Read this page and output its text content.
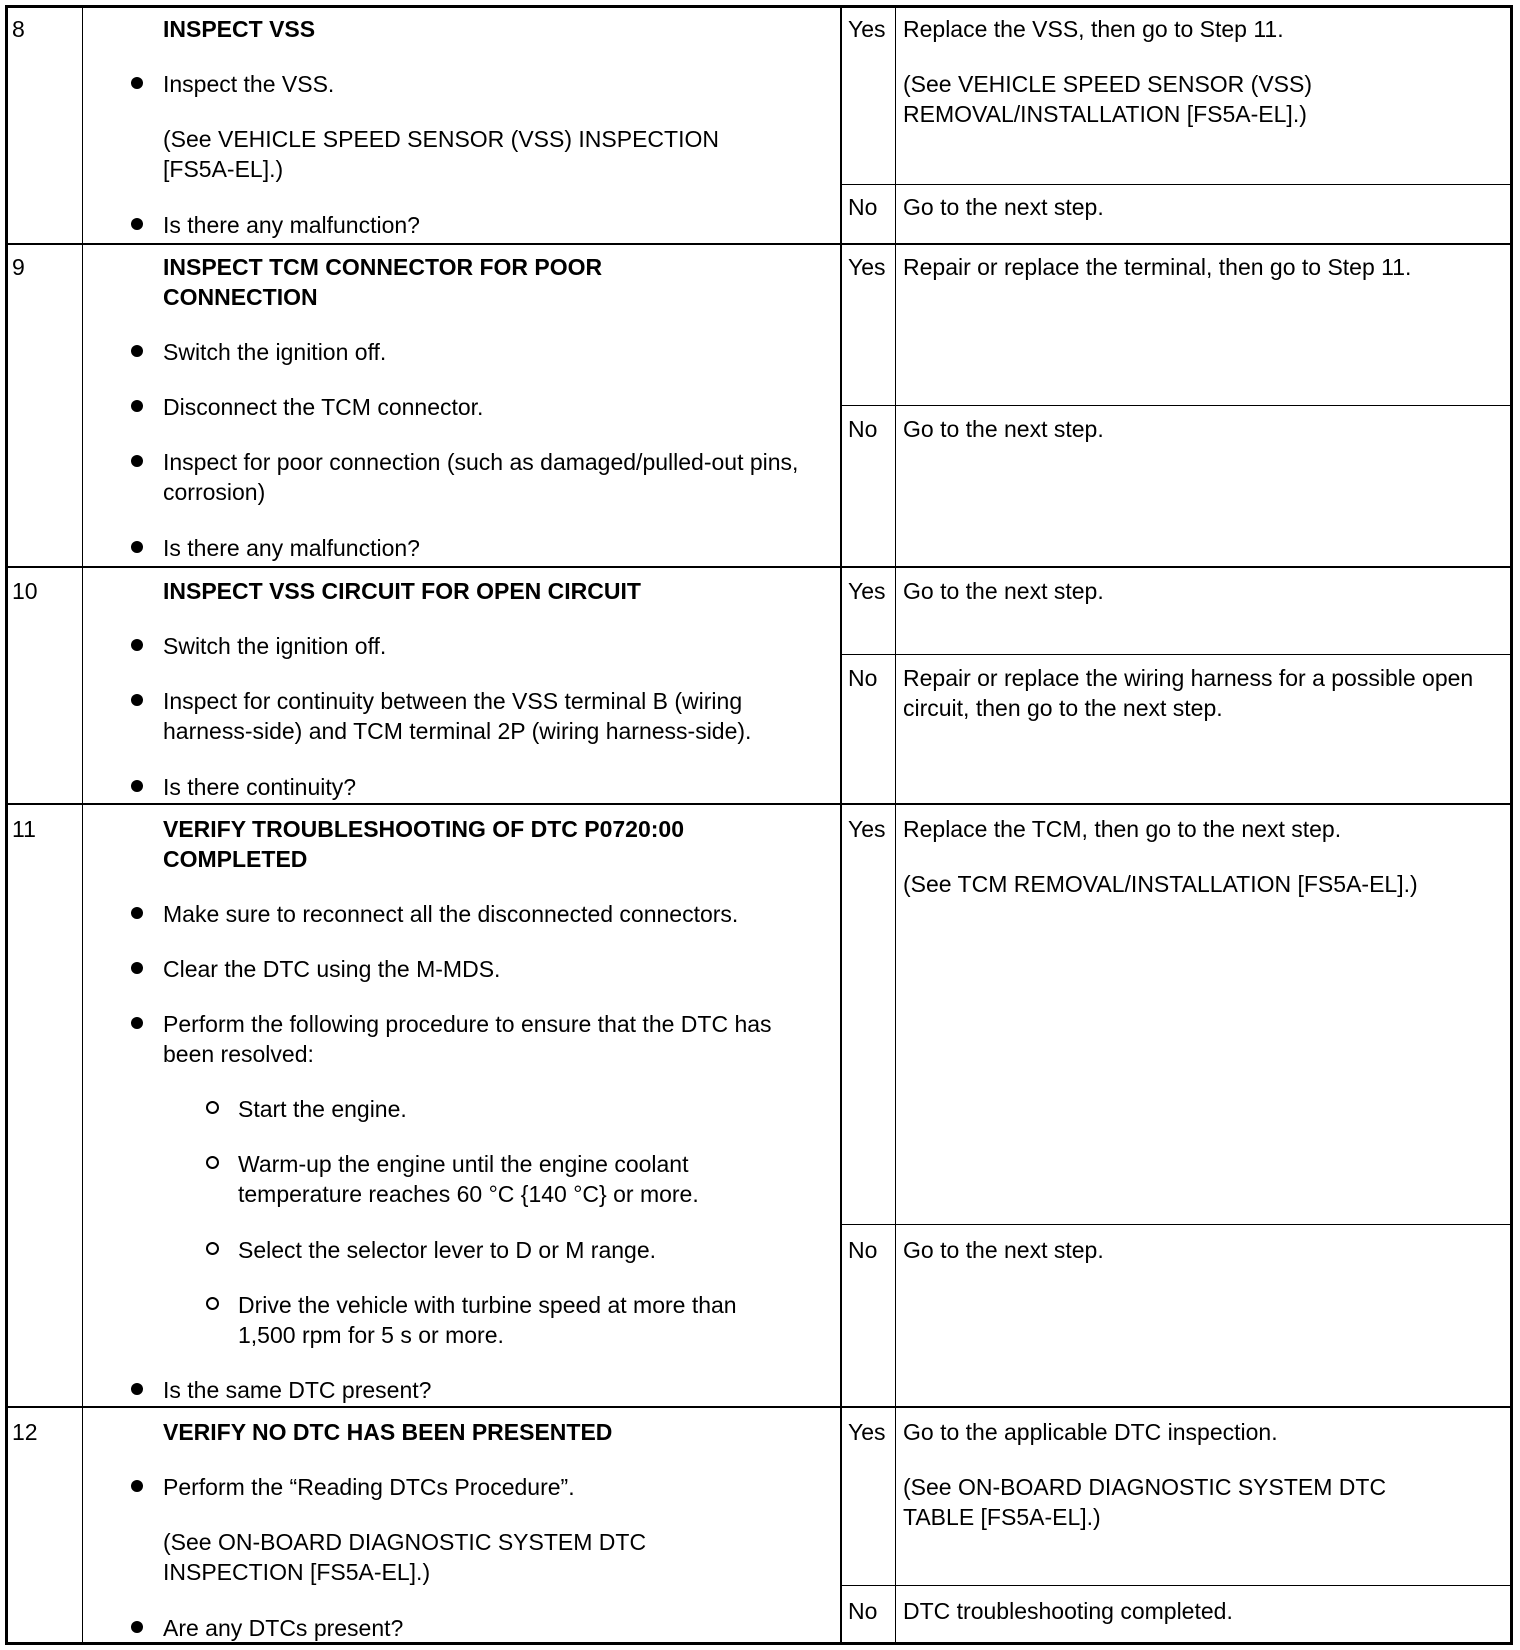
8	INSPECT VSS
Inspect the VSS.
(See VEHICLE SPEED SENSOR (VSS) INSPECTION [FS5A-EL].)
Is there any malfunction?
Yes Replace the VSS, then go to Step 11.
(See VEHICLE SPEED SENSOR (VSS) REMOVAL/INSTALLATION [FS5A-EL].)
No Go to the next step.
9	INSPECT TCM CONNECTOR FOR POOR CONNECTION
Switch the ignition off.
Disconnect the TCM connector.
Inspect for poor connection (such as damaged/pulled-out pins, corrosion)
Is there any malfunction?
Yes Repair or replace the terminal, then go to Step 11.
No Go to the next step.
10	INSPECT VSS CIRCUIT FOR OPEN CIRCUIT
Switch the ignition off.
Inspect for continuity between the VSS terminal B (wiring harness-side) and TCM terminal 2P (wiring harness-side).
Is there continuity?
Yes Go to the next step.
No Repair or replace the wiring harness for a possible open circuit, then go to the next step.
11	VERIFY TROUBLESHOOTING OF DTC P0720:00 COMPLETED
Make sure to reconnect all the disconnected connectors.
Clear the DTC using the M-MDS.
Perform the following procedure to ensure that the DTC has been resolved:
Start the engine.
Warm-up the engine until the engine coolant temperature reaches 60 °C {140 °C} or more.
Select the selector lever to D or M range.
Drive the vehicle with turbine speed at more than 1,500 rpm for 5 s or more.
Is the same DTC present?
Yes Replace the TCM, then go to the next step.
(See TCM REMOVAL/INSTALLATION [FS5A-EL].)
No Go to the next step.
12	VERIFY NO DTC HAS BEEN PRESENTED
Perform the “Reading DTCs Procedure”.
(See ON-BOARD DIAGNOSTIC SYSTEM DTC INSPECTION [FS5A-EL].)
Are any DTCs present?
Yes Go to the applicable DTC inspection.
(See ON-BOARD DIAGNOSTIC SYSTEM DTC TABLE [FS5A-EL].)
No DTC troubleshooting completed.
